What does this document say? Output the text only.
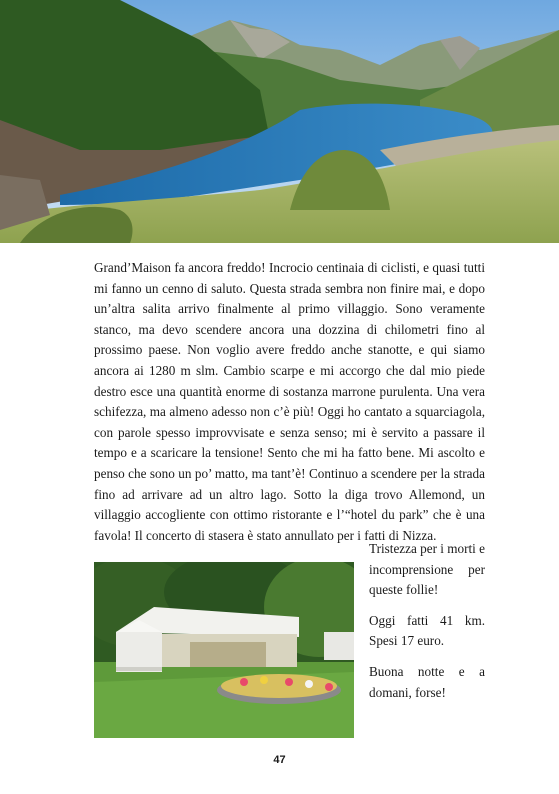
Grand’Maison fa ancora freddo! Incrocio centinaia di ciclisti, e quasi tutti mi fanno un cenno di saluto. Questa strada sembra non finire mai, e dopo un’altra salita arrivo finalmente al primo villaggio. Sono veramente stanco, ma devo scendere ancora una dozzina di chilometri fino al prossimo paese. Non voglio avere freddo anche stanotte, e qui siamo ancora ai 1280 m slm. Cambio scarpe e mi accorgo che dal mio piede destro esce una quantità enorme di sostanza marrone purulenta. Una vera schifezza, ma almeno adesso non c’è più! Oggi ho cantato a squarciagola, con parole spesso improvvisate e senza senso; mi è servito a passare il tempo e a scaricare la tensione! Sento che mi ha fatto bene. Mi ascolto e penso che sono un po’ matto, ma tant’è! Continuo a scendere per la strada fino ad arrivare ad un altro lago. Sotto la diga trovo Allemond, un villaggio accogliente con ottimo ristorante e l’“hotel du park” che è una favola! Il concerto di stasera è stato annullato per i fatti di Nizza.

Tristezza per i morti e incomprensione per queste follie!

Oggi fatti 41 km. Spesi 17 euro.

Buona notte e a domani, forse!

47
